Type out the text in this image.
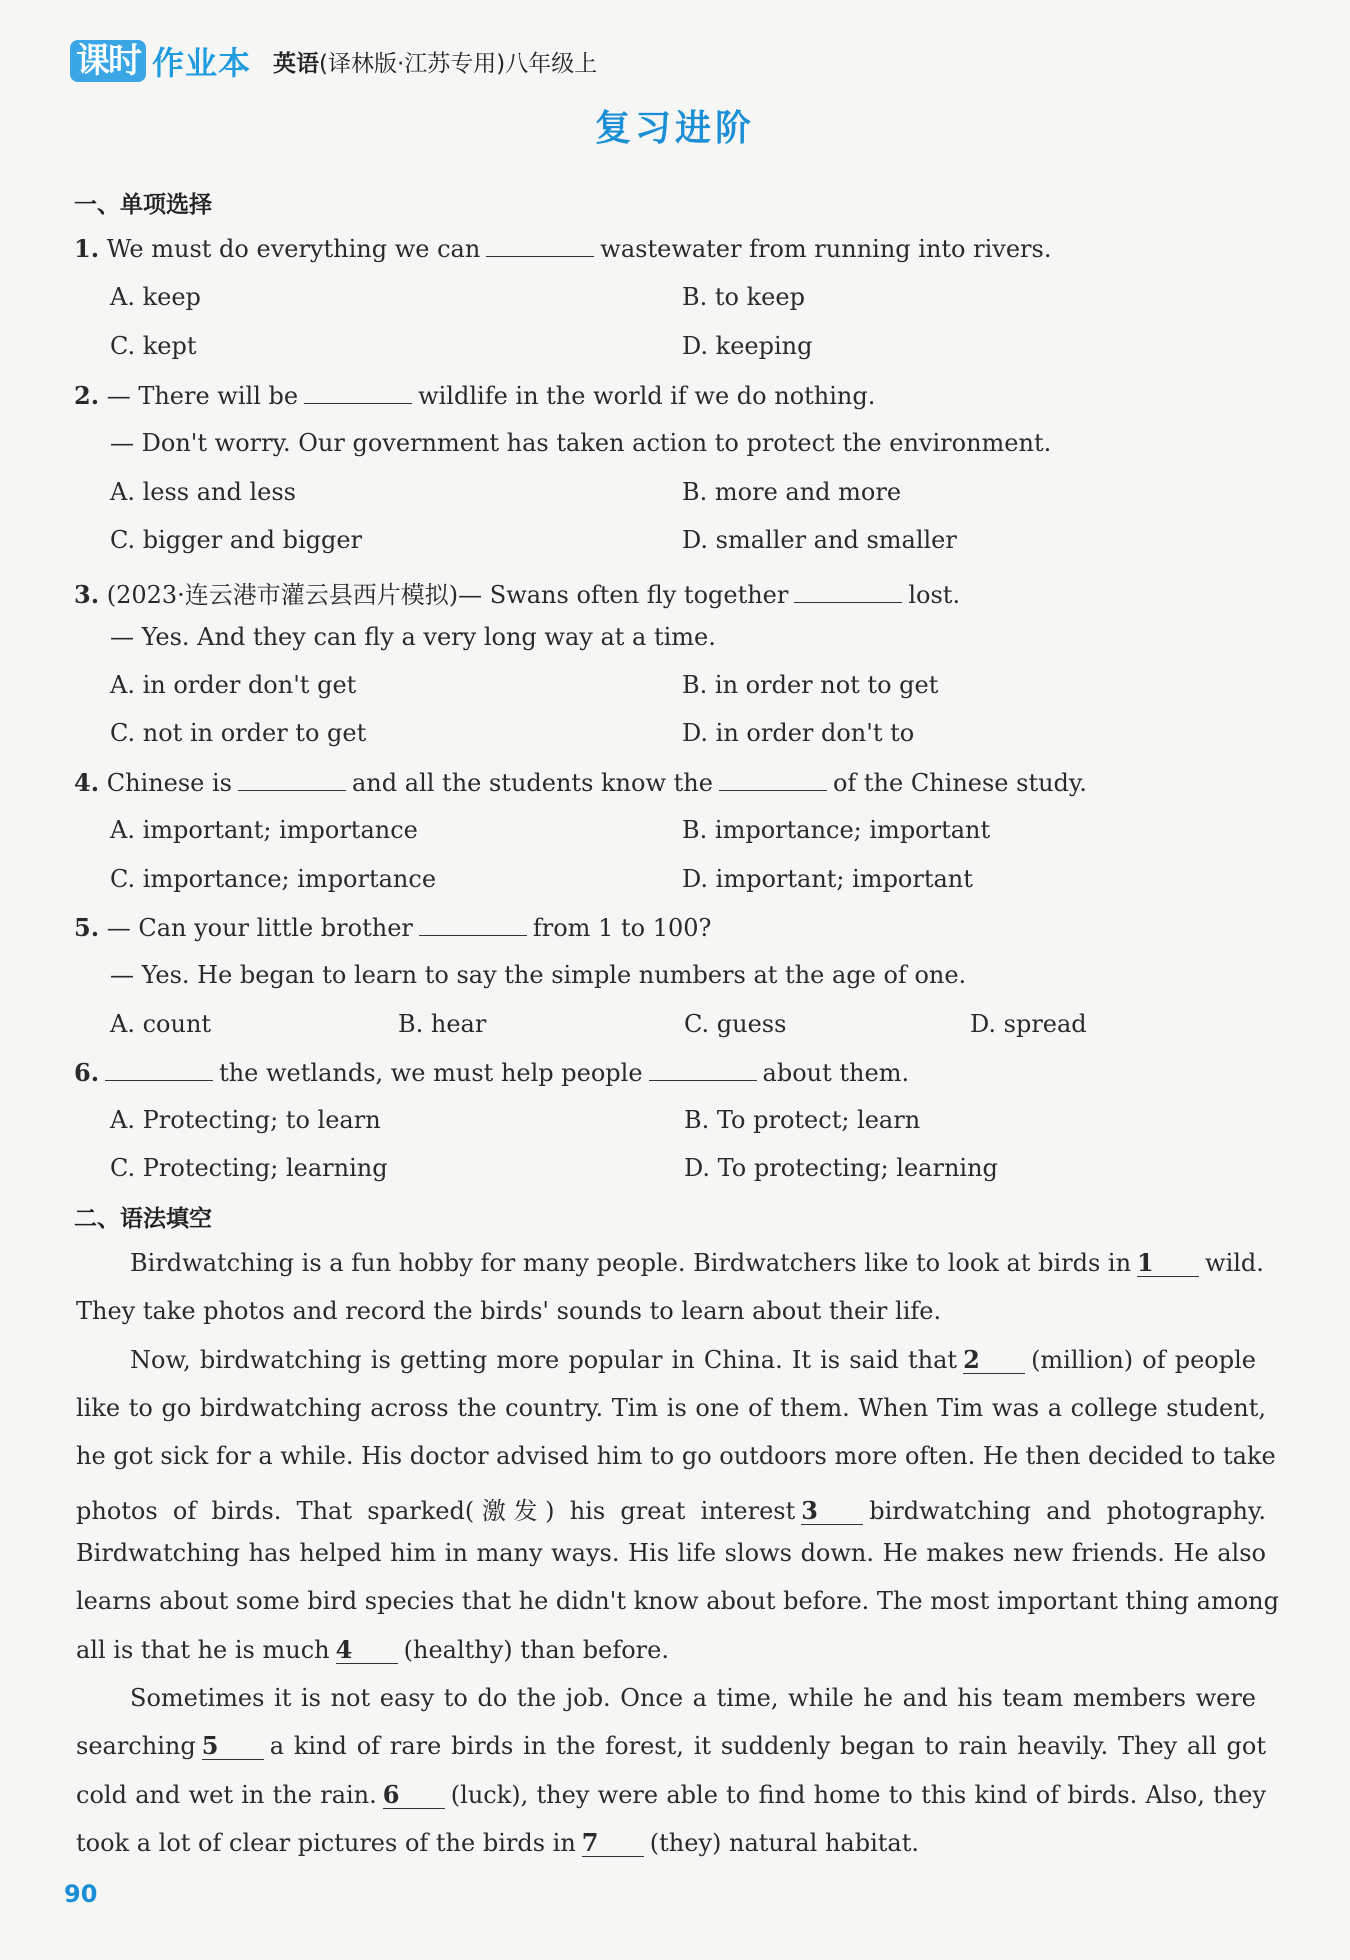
课时 作业本 英语(译林版·江苏专用)八年级上
复习进阶
一、单项选择
1. We must do everything we can	wastewater from running into rivers.
A. keep	B. to keep
C. kept	D. keeping
2. — There will be	wildlife in the world if we do nothing.
— Don't worry. Our government has taken action to protect the environment.
A. less and less	B. more and more
C. bigger and bigger	D. smaller and smaller
3. (2023·连云港市灌云县西片模拟)— Swans often fly together	lost.
— Yes. And they can fly a very long way at a time.
A. in order don't get	B. in order not to get
C. not in order to get	D. in order don't to
4. Chinese is	and all the students know the	of the Chinese study.
A. important; importance	B. importance; important
C. importance; importance	D. important; important
5. — Can your little brother	from 1 to 100?
— Yes. He began to learn to say the simple numbers at the age of one.
A. count	B. hear	C. guess	D. spread
6.	the wetlands, we must help people	about them.
A. Protecting; to learn	B. To protect; learn
C. Protecting; learning	D. To protecting; learning
二、语法填空
Birdwatching is a fun hobby for many people. Birdwatchers like to look at birds in 1 wild.
They take photos and record the birds' sounds to learn about their life.
Now, birdwatching is getting more popular in China. It is said that 2 (million) of people
like to go birdwatching across the country. Tim is one of them. When Tim was a college student,
he got sick for a while. His doctor advised him to go outdoors more often. He then decided to take
photos of birds. That sparked(激发) his great interest 3 birdwatching and photography.
Birdwatching has helped him in many ways. His life slows down. He makes new friends. He also
learns about some bird species that he didn't know about before. The most important thing among
all is that he is much 4 (healthy) than before.
Sometimes it is not easy to do the job. Once a time, while he and his team members were
searching 5 a kind of rare birds in the forest, it suddenly began to rain heavily. They all got
cold and wet in the rain. 6 (luck), they were able to find home to this kind of birds. Also, they
took a lot of clear pictures of the birds in 7 (they) natural habitat.
90
